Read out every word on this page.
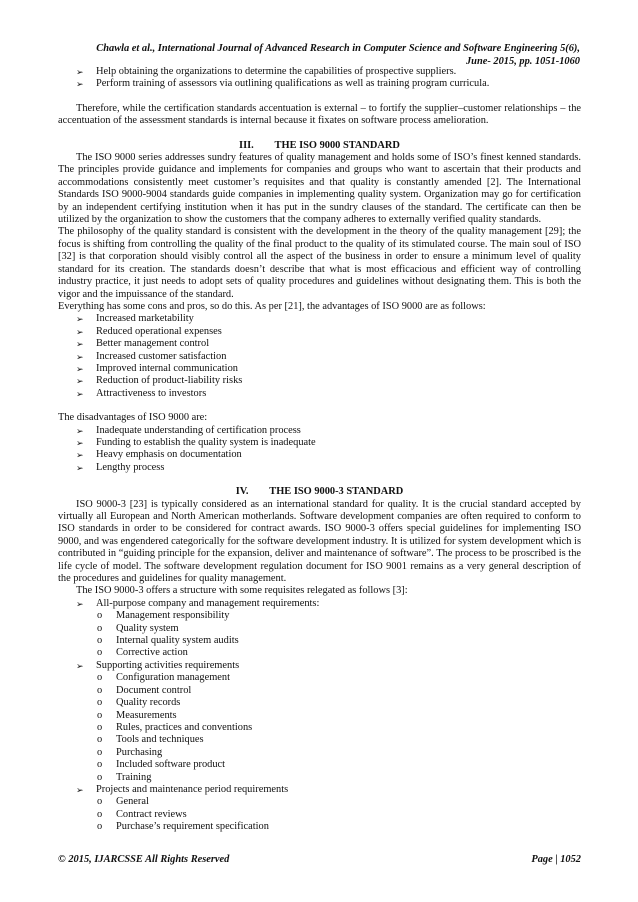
Chawla et al., International Journal of Advanced Research in Computer Science and Software Engineering 5(6),
June- 2015, pp. 1051-1060
➢ Help obtaining the organizations to determine the capabilities of prospective suppliers.
➢ Perform training of assessors via outlining qualifications as well as training program curricula.

Therefore, while the certification standards accentuation is external – to fortify the supplier–customer relationships – the accentuation of the assessment standards is internal because it fixates on software process amelioration.

III.        THE ISO 9000 STANDARD

The ISO 9000 series addresses sundry features of quality management and holds some of ISO’s finest kenned standards. The principles provide guidance and implements for companies and groups who want to ascertain that their products and accommodations consistently meet customer’s requisites and that quality is constantly amended [2]. The International Standards ISO 9000-9004 standards guide companies in implementing quality system. Organization may go for certification by an independent certifying institution when it has put in the sundry clauses of the standard. The certificate can then be utilized by the organization to show the customers that the company adheres to externally verified quality standards.

The philosophy of the quality standard is consistent with the development in the theory of the quality management [29]; the focus is shifting from controlling the quality of the final product to the quality of its stimulated course. The main soul of ISO [32] is that corporation should visibly control all the aspect of the business in order to ensure a minimum level of quality standard for its creation. The standards doesn’t describe that what is most efficacious and efficient way of controlling industry practice, it just needs to adopt sets of quality procedures and guidelines without designating them. This is both the vigor and the impuissance of the standard.

Everything has some cons and pros, so do this. As per [21], the advantages of ISO 9000 are as follows:

➢ Increased marketability
➢ Reduced operational expenses
➢ Better management control
➢ Increased customer satisfaction
➢ Improved internal communication
➢ Reduction of product-liability risks
➢ Attractiveness to investors

The disadvantages of ISO 9000 are:

➢ Inadequate understanding of certification process
➢ Funding to establish the quality system is inadequate
➢ Heavy emphasis on documentation
➢ Lengthy process

IV.        THE ISO 9000-3 STANDARD

ISO 9000-3 [23] is typically considered as an international standard for quality. It is the crucial standard accepted by virtually all European and North American motherlands. Software development companies are often required to conform to ISO standards in order to be considered for contract awards. ISO 9000-3 offers special guidelines for implementing ISO 9000, and was engendered categorically for the software development industry. It is utilized for system development which is contributed in “guiding principle for the expansion, deliver and maintenance of software”. The process to be proscribed is the life cycle of model. The software development regulation document for ISO 9001 remains as a very general description of the procedures and guidelines for quality management.

The ISO 9000-3 offers a structure with some requisites relegated as follows [3]:

➢ All-purpose company and management requirements:
o Management responsibility
o Quality system
o Internal quality system audits
o Corrective action
➢ Supporting activities requirements
o Configuration management
o Document control
o Quality records
o Measurements
o Rules, practices and conventions
o Tools and techniques
o Purchasing
o Included software product
o Training
➢ Projects and maintenance period requirements
o General
o Contract reviews
o Purchase’s requirement specification
© 2015, IJARCSSE All Rights Reserved	Page | 1052
